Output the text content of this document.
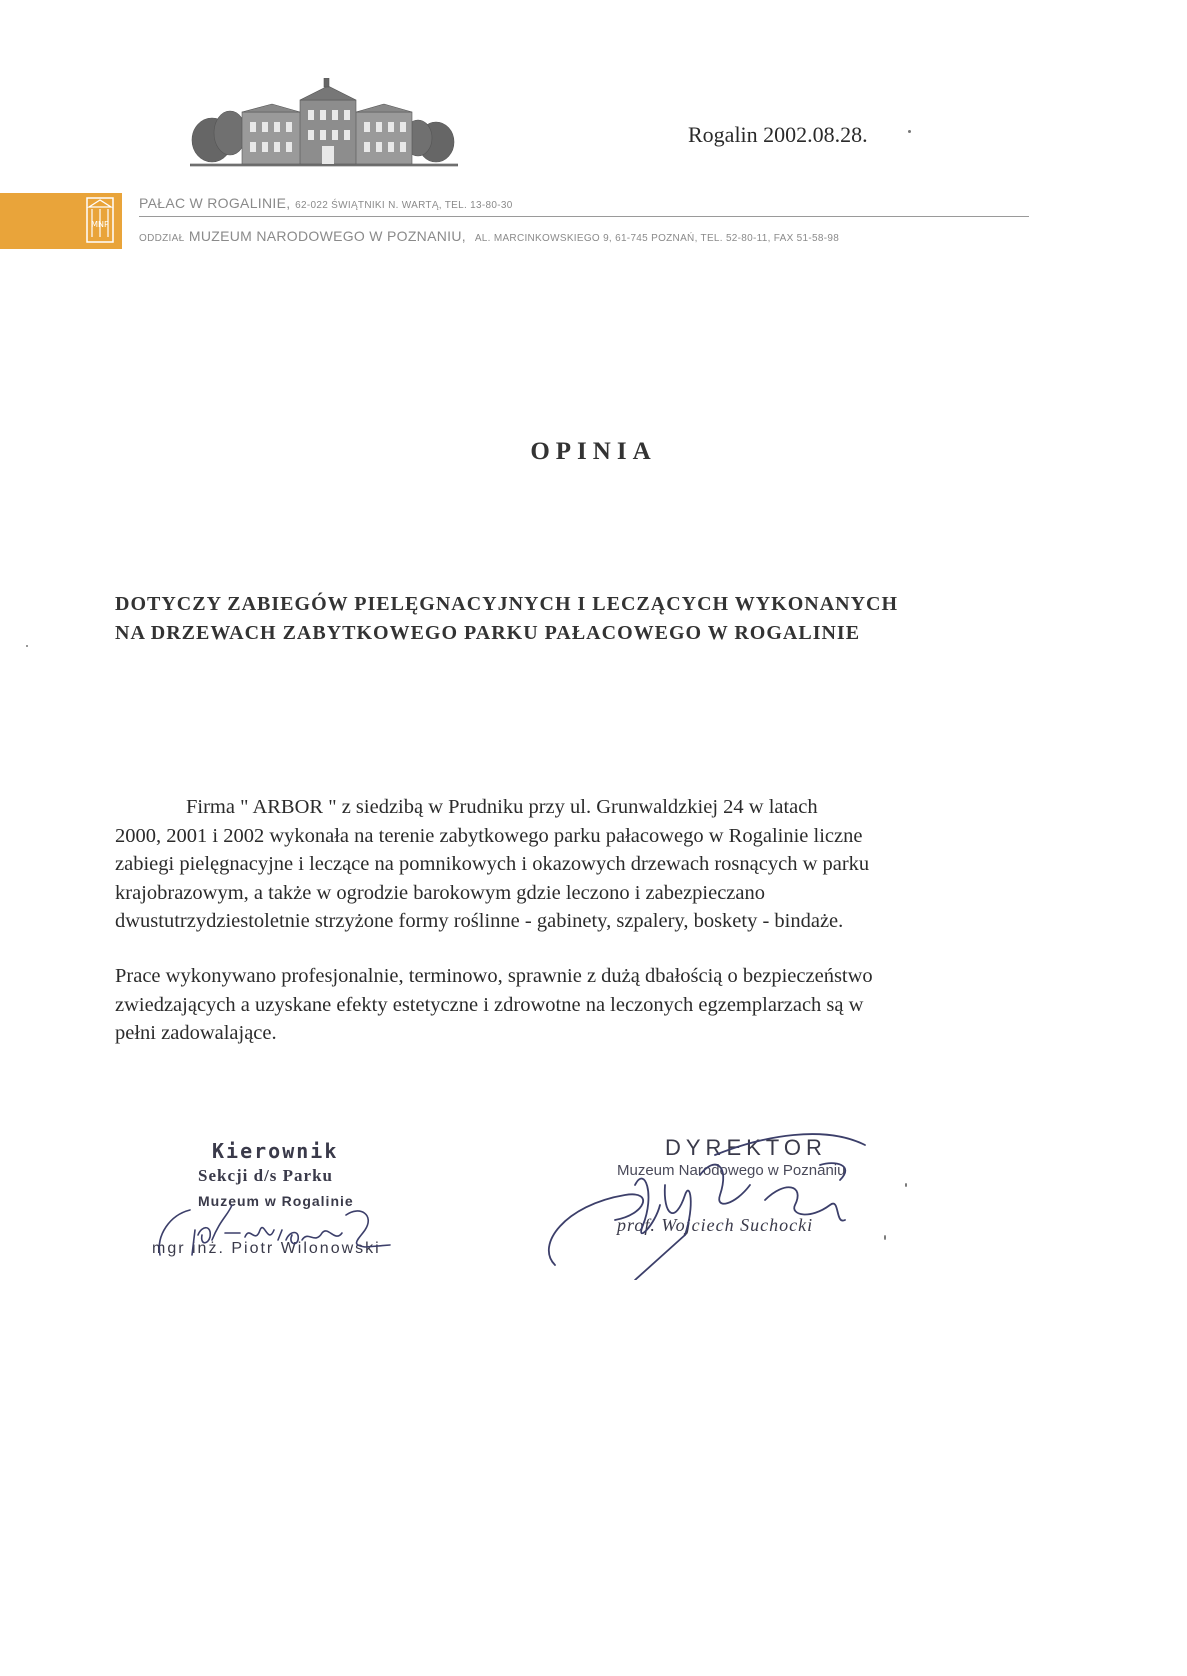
Rogalin 2002.08.28.
MNP
PAŁAC W ROGALINIE, 62-022 ŚWIĄTNIKI N. WARTĄ, TEL. 13-80-30
ODDZIAŁ MUZEUM NARODOWEGO W POZNANIU, AL. MARCINKOWSKIEGO 9, 61-745 POZNAŃ, TEL. 52-80-11, FAX 51-58-98
OPINIA
DOTYCZY ZABIEGÓW PIELĘGNACYJNYCH I LECZĄCYCH WYKONANYCH
NA DRZEWACH ZABYTKOWEGO PARKU PAŁACOWEGO W ROGALINIE
Firma " ARBOR " z siedzibą w Prudniku przy ul. Grunwaldzkiej 24 w latach
2000, 2001 i 2002 wykonała na terenie zabytkowego parku pałacowego w Rogalinie liczne
zabiegi pielęgnacyjne i leczące na pomnikowych i okazowych drzewach rosnących w parku
krajobrazowym, a także w ogrodzie barokowym gdzie leczono i zabezpieczano
dwustutrzydziestoletnie strzyżone formy roślinne - gabinety, szpalery, boskety - bindaże.
Prace wykonywano profesjonalnie, terminowo, sprawnie z dużą dbałością o bezpieczeństwo
zwiedzających a uzyskane efekty estetyczne i zdrowotne na leczonych egzemplarzach są w
pełni zadowalające.
Kierownik
Sekcji d/s Parku
Muzeum w Rogalinie
mgr inż. Piotr Wilonowski
DYREKTOR
Muzeum Narodowego w Poznaniu
prof. Wojciech Suchocki
